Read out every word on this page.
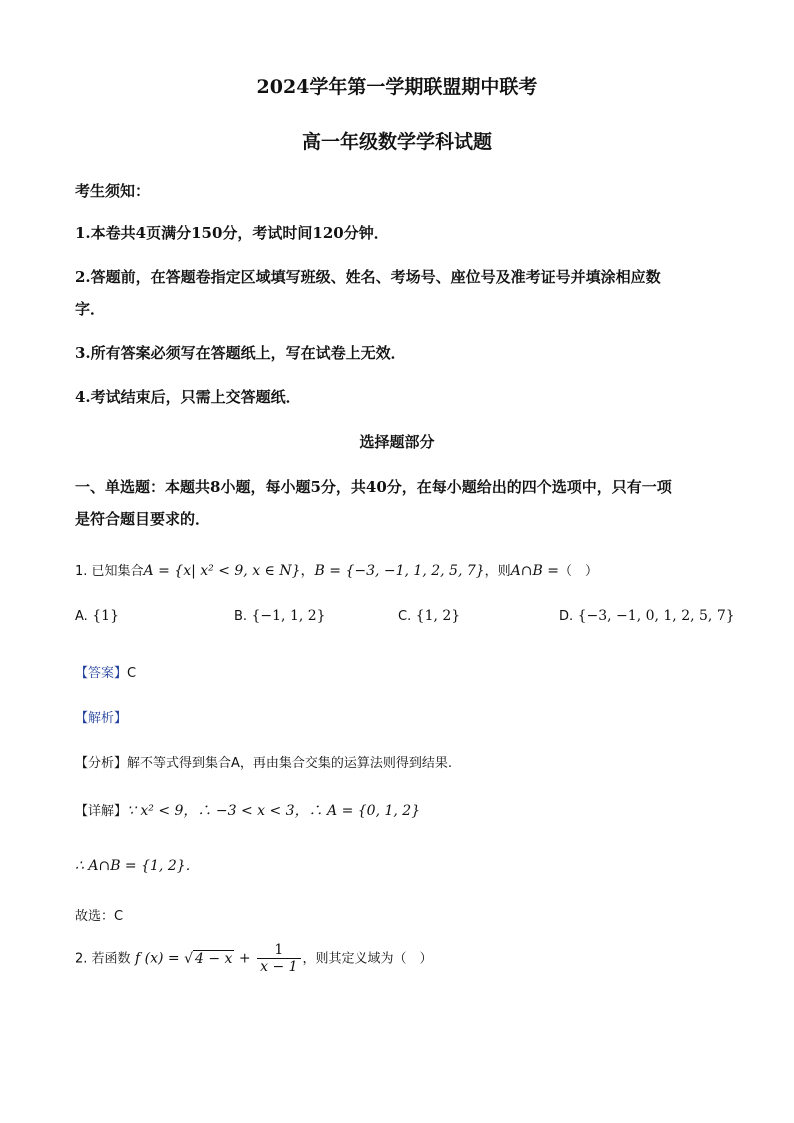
2024学年第一学期联盟期中联考
高一年级数学学科试题
考生须知：
1.本卷共4页满分150分，考试时间120分钟．
2.答题前，在答题卷指定区域填写班级、姓名、考场号、座位号及准考证号并填涂相应数
字．
3.所有答案必须写在答题纸上，写在试卷上无效．
4.考试结束后，只需上交答题纸．
选择题部分
一、单选题：本题共8小题，每小题5分，共40分，在每小题给出的四个选项中，只有一项
是符合题目要求的．
1. 已知集合A = {x| x² < 9, x ∈ N}，B = {−3, −1, 1, 2, 5, 7}，则A∩B =（　）
A. {1}	B. {−1, 1, 2}	C. {1, 2}	D. {−3, −1, 0, 1, 2, 5, 7}
【答案】C
【解析】
【分析】解不等式得到集合A，再由集合交集的运算法则得到结果.
【详解】∵ x² < 9，∴ −3 < x < 3，∴ A = {0, 1, 2}
∴ A∩B = {1, 2}．
故选：C
2. 若函数 f (x) = √ $4 - x + \frac{1}{x - 1}$ ，则其定义域为（　）
